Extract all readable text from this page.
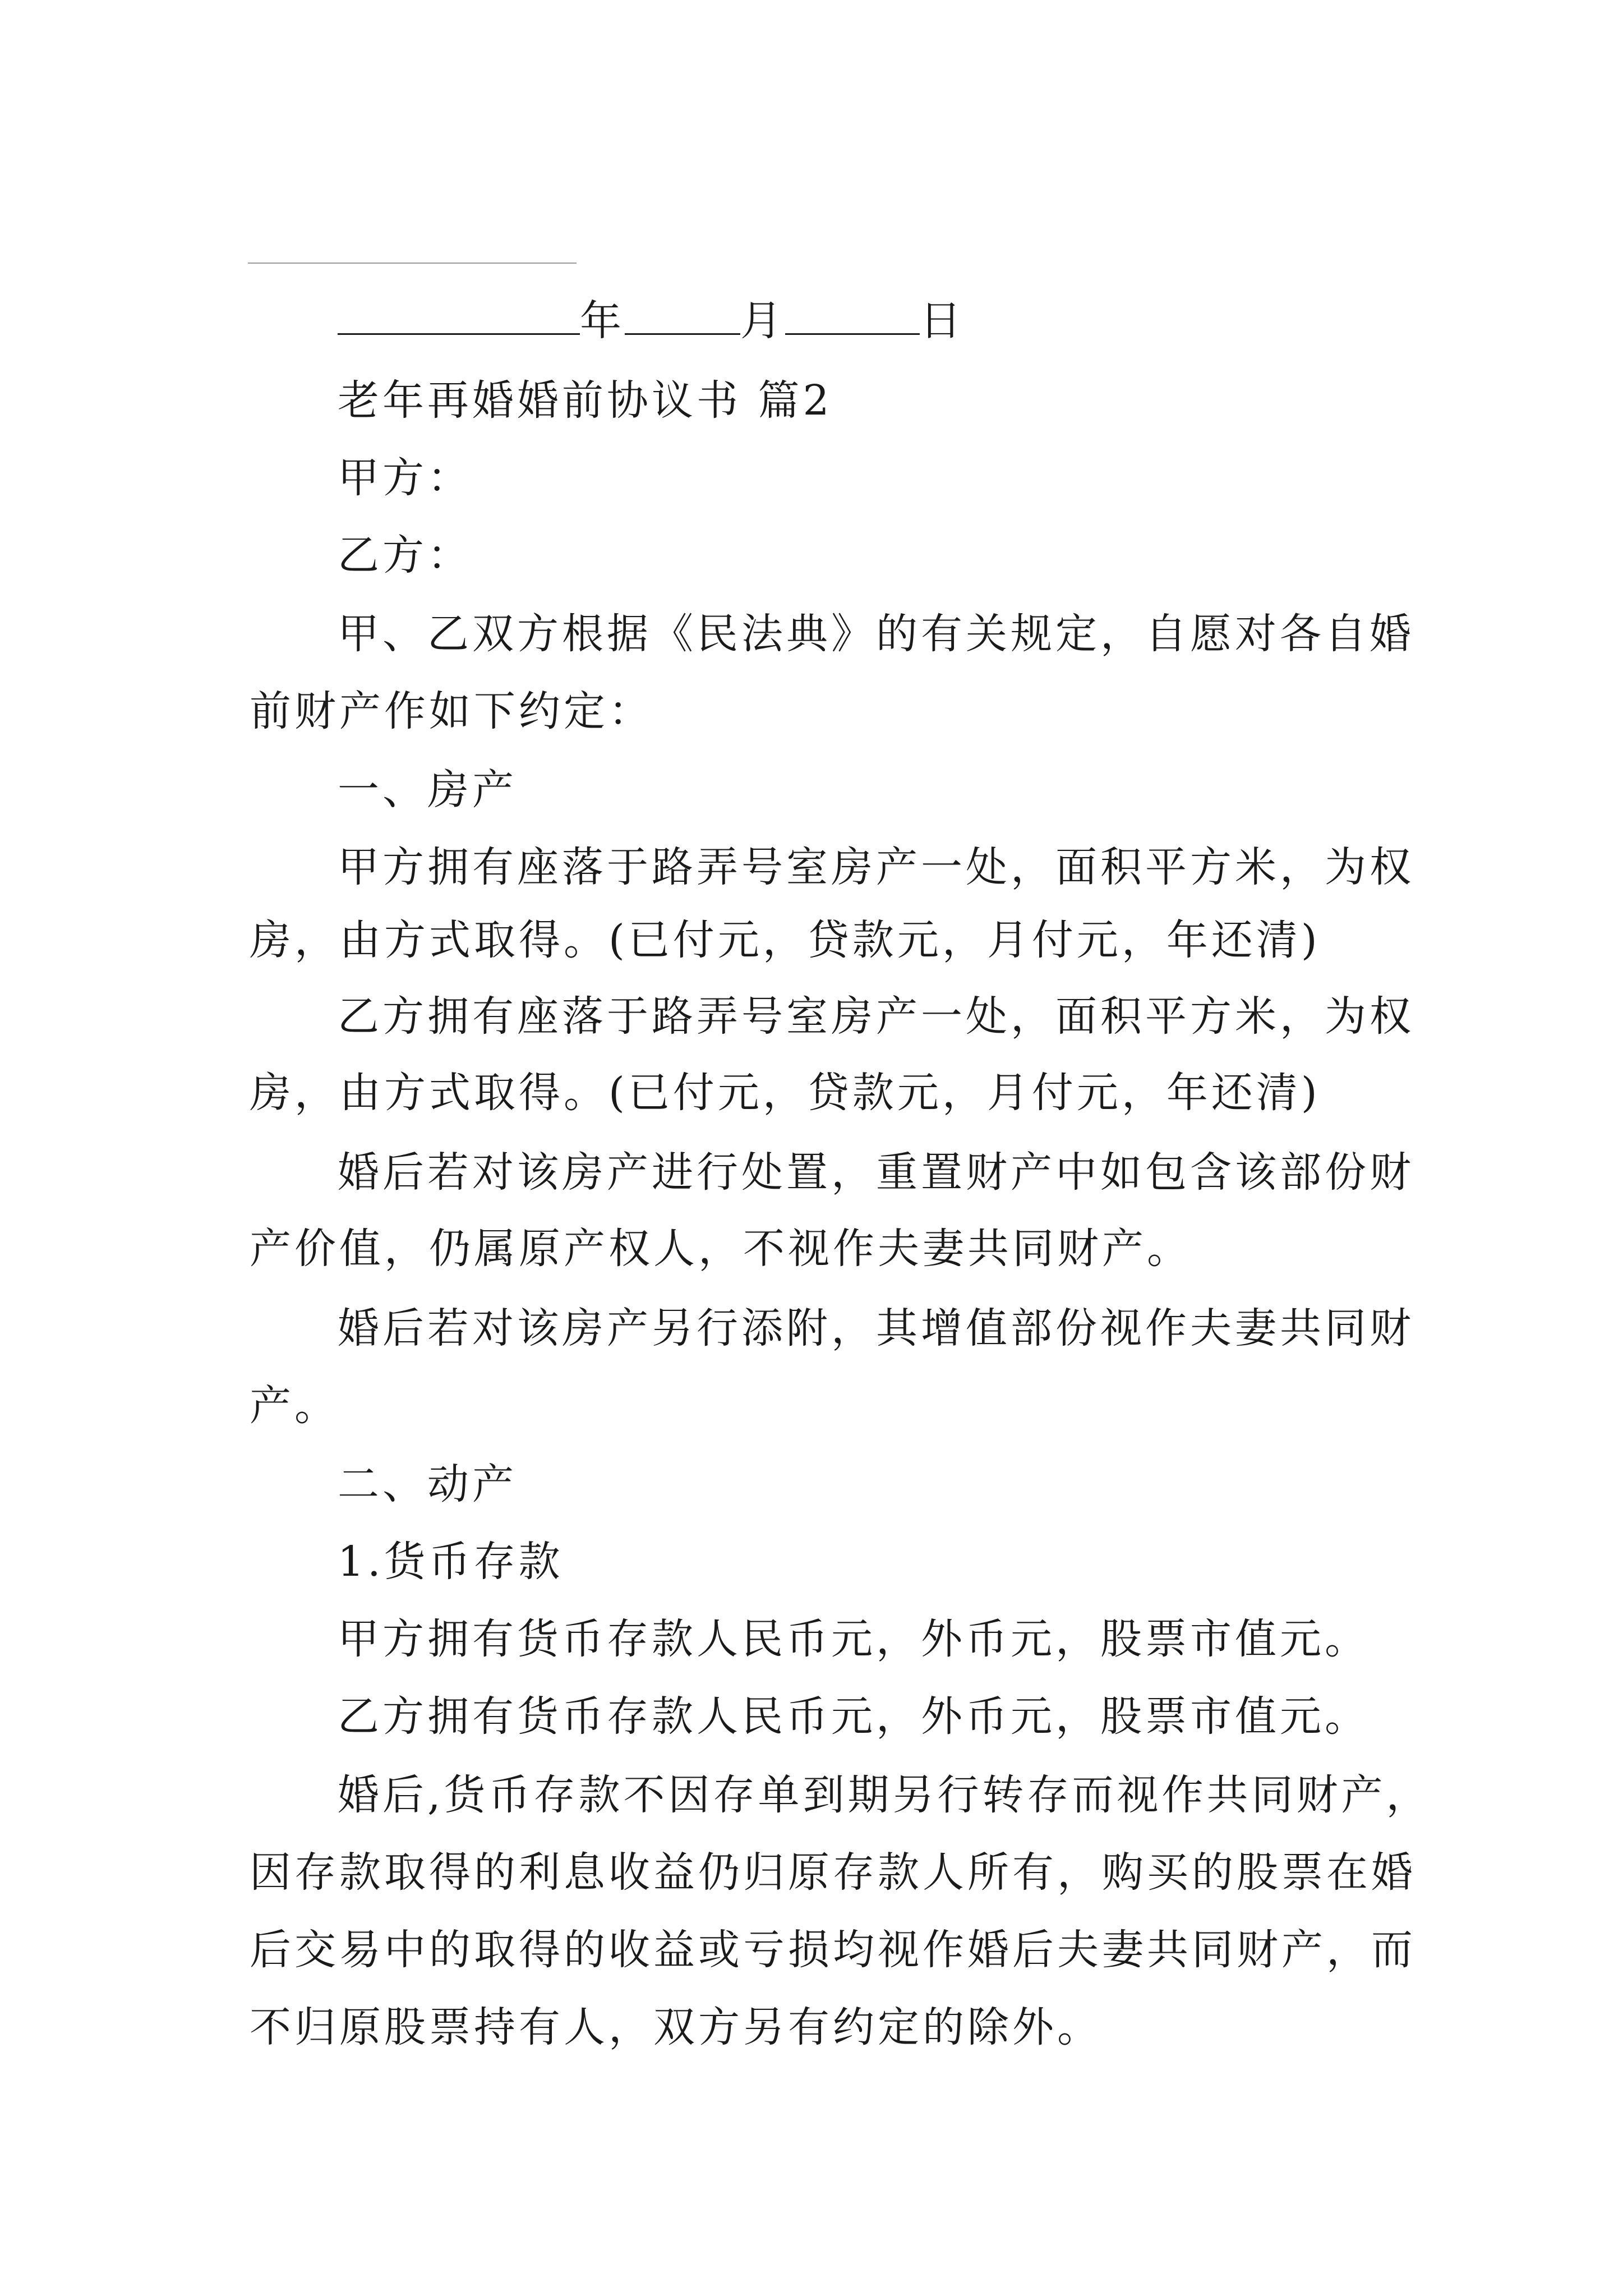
年	月	日
老年再婚婚前协议书 篇2
甲方：
乙方：
甲、乙双方根据《民法典》的有关规定，自愿对各自婚
前财产作如下约定：
一、房产
甲方拥有座落于路弄号室房产一处，面积平方米，为权
房，由方式取得。(已付元，贷款元，月付元，年还清)
乙方拥有座落于路弄号室房产一处，面积平方米，为权
房，由方式取得。(已付元，贷款元，月付元，年还清)
婚后若对该房产进行处置，重置财产中如包含该部份财
产价值，仍属原产权人，不视作夫妻共同财产。
婚后若对该房产另行添附，其增值部份视作夫妻共同财
产。
二、动产
1.货币存款
甲方拥有货币存款人民币元，外币元，股票市值元。
乙方拥有货币存款人民币元，外币元，股票市值元。
婚后,货币存款不因存单到期另行转存而视作共同财产，
因存款取得的利息收益仍归原存款人所有，购买的股票在婚
后交易中的取得的收益或亏损均视作婚后夫妻共同财产，而
不归原股票持有人，双方另有约定的除外。
